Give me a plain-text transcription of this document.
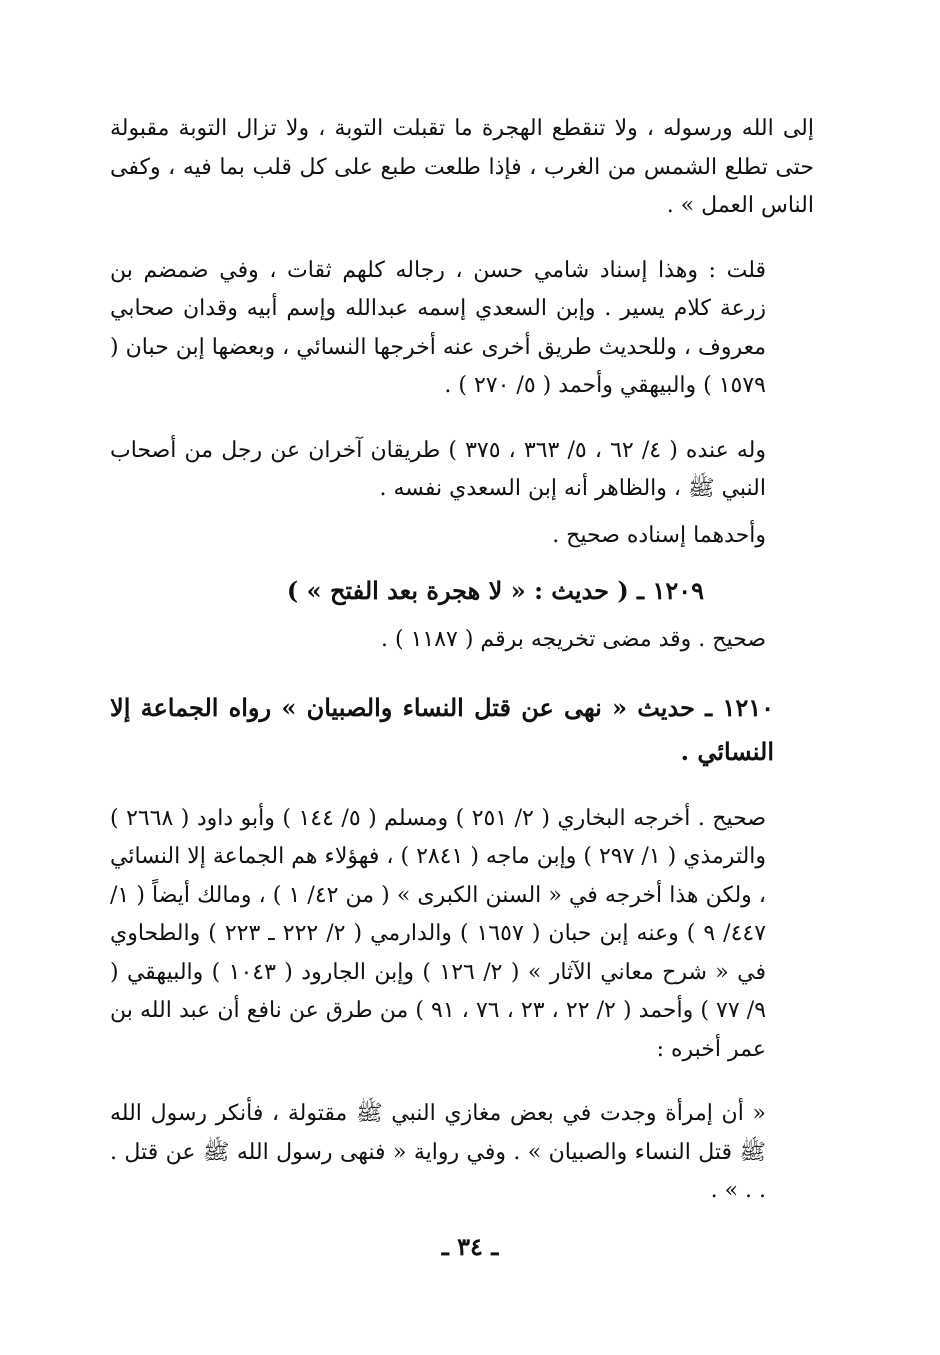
إلى الله ورسوله ، ولا تنقطع الهجرة ما تقبلت التوبة ، ولا تزال التوبة مقبولة حتى تطلع الشمس من الغرب ، فإذا طلعت طبع على كل قلب بما فيه ، وكفى الناس العمل » .

قلت : وهذا إسناد شامي حسن ، رجاله كلهم ثقات ، وفي ضمضم بن زرعة كلام يسير . وإبن السعدي إسمه عبدالله وإسم أبيه وقدان صحابي معروف ، وللحديث طريق أخرى عنه أخرجها النسائي ، وبعضها إبن حبان ( ١٥٧٩ ) والبيهقي وأحمد ( ٥/ ٢٧٠ ) .

وله عنده ( ٤/ ٦٢ ، ٥/ ٣٦٣ ، ٣٧٥ ) طريقان آخران عن رجل من أصحاب النبي ﷺ ، والظاهر أنه إبن السعدي نفسه .

وأحدهما إسناده صحيح .

١٢٠٩ ـ ( حديث : « لا هجرة بعد الفتح » )

صحيح . وقد مضى تخريجه برقم ( ١١٨٧ ) .

١٢١٠ ـ حديث « نهى عن قتل النساء والصبيان » رواه الجماعة إلا النسائي .

صحيح . أخرجه البخاري ( ٢/ ٢٥١ ) ومسلم ( ٥/ ١٤٤ ) وأبو داود ( ٢٦٦٨ ) والترمذي ( ١/ ٢٩٧ ) وإبن ماجه ( ٢٨٤١ ) ، فهؤلاء هم الجماعة إلا النسائي ، ولكن هذا أخرجه في « السنن الكبرى » ( من ٤٢/ ١ ) ، ومالك أيضاً ( ١/ ٤٤٧/ ٩ ) وعنه إبن حبان ( ١٦٥٧ ) والدارمي ( ٢/ ٢٢٢ ـ ٢٢٣ ) والطحاوي في « شرح معاني الآثار » ( ٢/ ١٢٦ ) وإبن الجارود ( ١٠٤٣ ) والبيهقي ( ٩/ ٧٧ ) وأحمد ( ٢/ ٢٢ ، ٢٣ ، ٧٦ ، ٩١ ) من طرق عن نافع أن عبد الله بن عمر أخبره :

« أن إمرأة وجدت في بعض مغازي النبي ﷺ مقتولة ، فأنكر رسول الله ﷺ قتل النساء والصبيان » . وفي رواية « فنهى رسول الله ﷺ عن قتل . . . » .

ـ ٣٤ ـ
